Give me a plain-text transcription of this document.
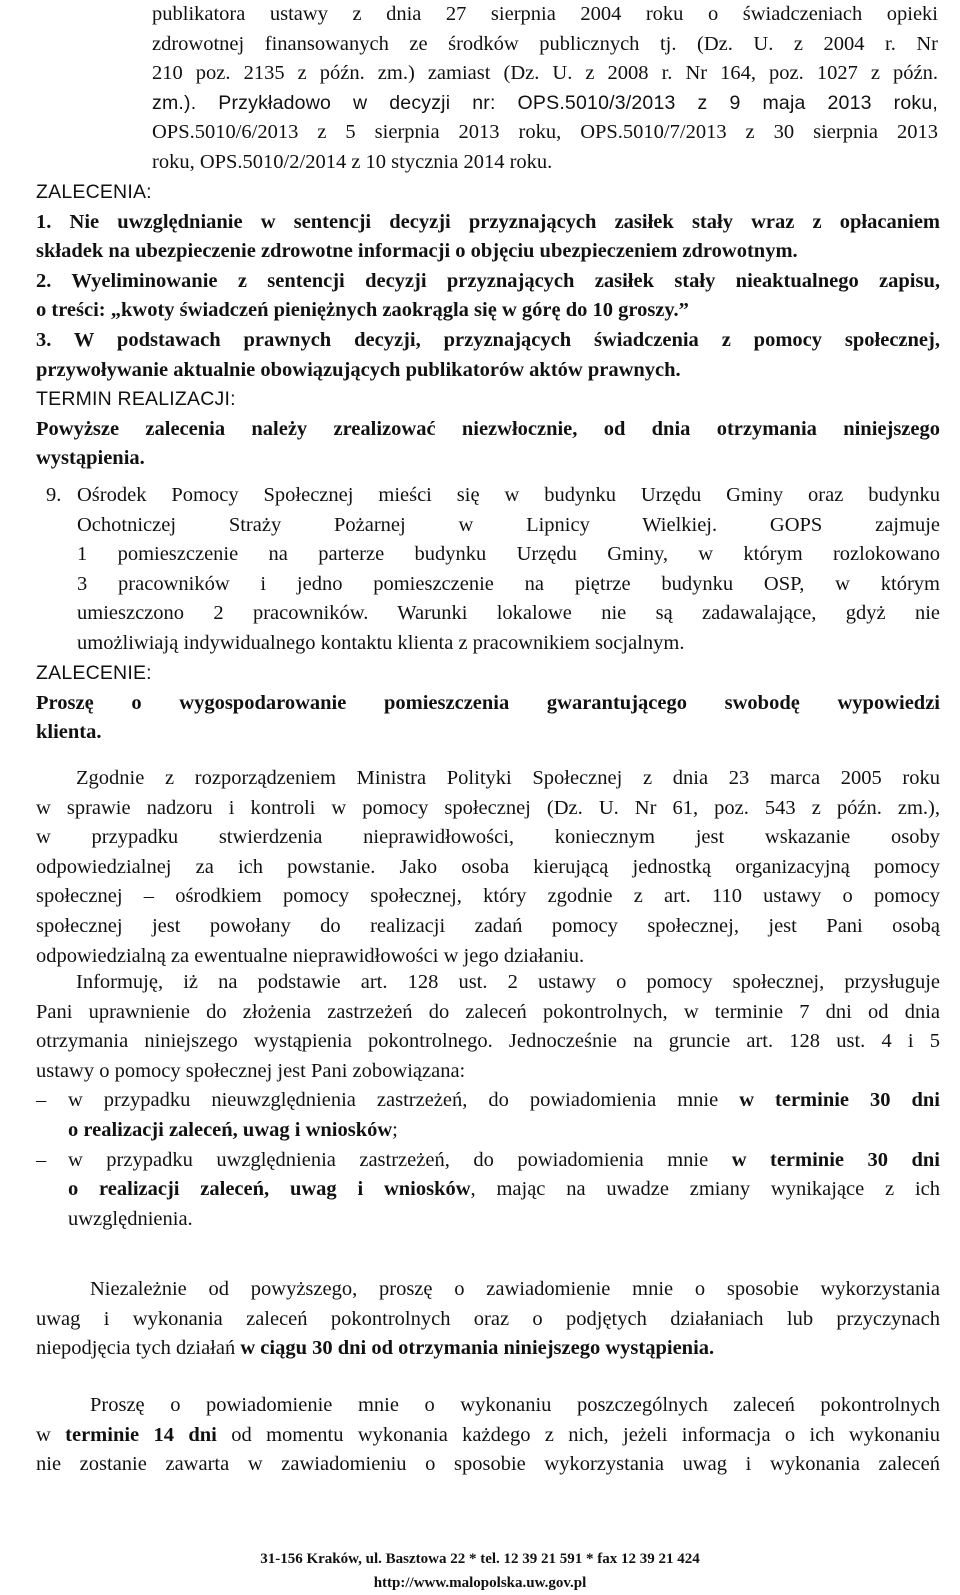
publikatora ustawy z dnia 27 sierpnia 2004 roku o świadczeniach opieki
zdrowotnej finansowanych ze środków publicznych tj. (Dz. U. z 2004 r. Nr
210 poz. 2135 z późn. zm.) zamiast (Dz. U. z 2008 r. Nr 164, poz. 1027 z późn.
zm.). Przykładowo w decyzji nr: OPS.5010/3/2013 z 9 maja 2013 roku,
OPS.5010/6/2013 z 5 sierpnia 2013 roku, OPS.5010/7/2013 z 30 sierpnia 2013
roku, OPS.5010/2/2014 z 10 stycznia 2014 roku.
ZALECENIA:
1. Nie uwzględnianie w sentencji decyzji przyznających zasiłek stały wraz z opłacaniem
składek na ubezpieczenie zdrowotne informacji o objęciu ubezpieczeniem zdrowotnym.
2. Wyeliminowanie z sentencji decyzji przyznających zasiłek stały nieaktualnego zapisu,
o treści: „kwoty świadczeń pieniężnych zaokrągla się w górę do 10 groszy.”
3. W podstawach prawnych decyzji, przyznających świadczenia z pomocy społecznej,
przywoływanie aktualnie obowiązujących publikatorów aktów prawnych.
TERMIN REALIZACJI:
Powyższe zalecenia należy zrealizować niezwłocznie, od dnia otrzymania niniejszego
wystąpienia.
9. Ośrodek Pomocy Społecznej mieści się w budynku Urzędu Gminy oraz budynku
Ochotniczej Straży Pożarnej w Lipnicy Wielkiej. GOPS zajmuje
1 pomieszczenie na parterze budynku Urzędu Gminy, w którym rozlokowano
3 pracowników i jedno pomieszczenie na piętrze budynku OSP, w którym
umieszczono 2 pracowników. Warunki lokalowe nie są zadawalające, gdyż nie
umożliwiają indywidualnego kontaktu klienta z pracownikiem socjalnym.
ZALECENIE:
Proszę o wygospodarowanie pomieszczenia gwarantującego swobodę wypowiedzi
klienta.
Zgodnie z rozporządzeniem Ministra Polityki Społecznej z dnia 23 marca 2005 roku
w sprawie nadzoru i kontroli w pomocy społecznej (Dz. U. Nr 61, poz. 543 z późn. zm.),
w przypadku stwierdzenia nieprawidłowości, koniecznym jest wskazanie osoby
odpowiedzialnej za ich powstanie. Jako osoba kierującą jednostką organizacyjną pomocy
społecznej – ośrodkiem pomocy społecznej, który zgodnie z art. 110 ustawy o pomocy
społecznej jest powołany do realizacji zadań pomocy społecznej, jest Pani osobą
odpowiedzialną za ewentualne nieprawidłowości w jego działaniu.
Informuję, iż na podstawie art. 128 ust. 2 ustawy o pomocy społecznej, przysługuje
Pani uprawnienie do złożenia zastrzeżeń do zaleceń pokontrolnych, w terminie 7 dni od dnia
otrzymania niniejszego wystąpienia pokontrolnego. Jednocześnie na gruncie art. 128 ust. 4 i 5
ustawy o pomocy społecznej jest Pani zobowiązana:
– w przypadku nieuwzględnienia zastrzeżeń, do powiadomienia mnie w terminie 30 dni
o realizacji zaleceń, uwag i wniosków;
– w przypadku uwzględnienia zastrzeżeń, do powiadomienia mnie w terminie 30 dni
o realizacji zaleceń, uwag i wniosków, mając na uwadze zmiany wynikające z ich
uwzględnienia.
Niezależnie od powyższego, proszę o zawiadomienie mnie o sposobie wykorzystania
uwag i wykonania zaleceń pokontrolnych oraz o podjętych działaniach lub przyczynach
niepodjęcia tych działań w ciągu 30 dni od otrzymania niniejszego wystąpienia.
Proszę o powiadomienie mnie o wykonaniu poszczególnych zaleceń pokontrolnych
w terminie 14 dni od momentu wykonania każdego z nich, jeżeli informacja o ich wykonaniu
nie zostanie zawarta w zawiadomieniu o sposobie wykorzystania uwag i wykonania zaleceń
31-156 Kraków, ul. Basztowa 22 * tel. 12 39 21 591 * fax 12 39 21 424
http://www.malopolska.uw.gov.pl
